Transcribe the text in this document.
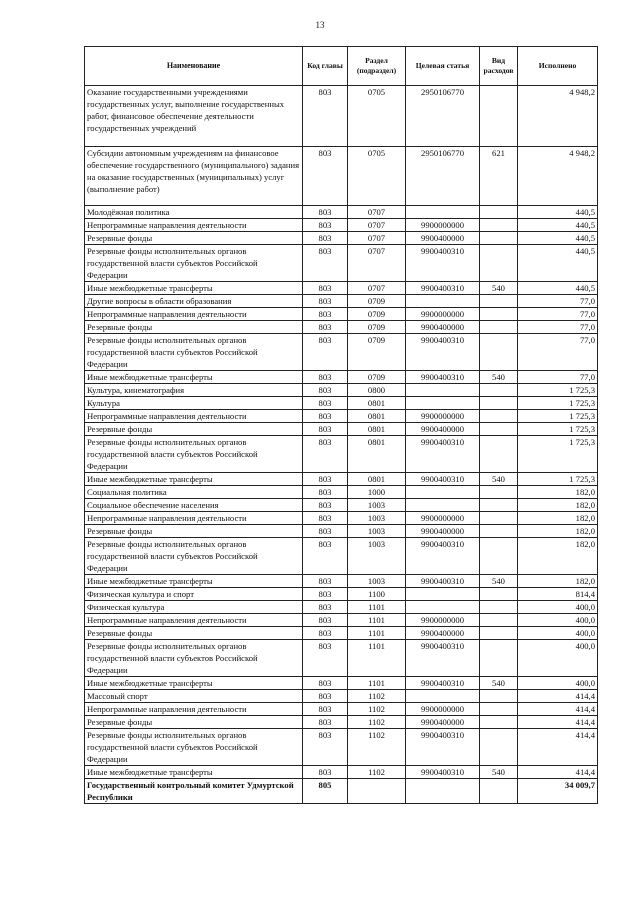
13
Наименование	Код главы	Раздел (подраздел)	Целевая статья	Вид расходов	Исполнено
Оказание государственными учреждениями государственных услуг, выполнение государственных работ, финансовое обеспечение деятельности государственных учреждений	803	0705	2950106770		4 948,2
Субсидии автономным учреждениям на финансовое обеспечение государственного (муниципального) задания на оказание государственных (муниципальных) услуг (выполнение работ)	803	0705	2950106770	621	4 948,2
Молодёжная политика	803	0707			440,5
Непрограммные направления деятельности	803	0707	9900000000		440,5
Резервные фонды	803	0707	9900400000		440,5
Резервные фонды исполнительных органов государственной власти субъектов Российской Федерации	803	0707	9900400310		440,5
Иные межбюджетные трансферты	803	0707	9900400310	540	440,5
Другие вопросы в области образования	803	0709			77,0
Непрограммные направления деятельности	803	0709	9900000000		77,0
Резервные фонды	803	0709	9900400000		77,0
Резервные фонды исполнительных органов государственной власти субъектов Российской Федерации	803	0709	9900400310		77,0
Иные межбюджетные трансферты	803	0709	9900400310	540	77,0
Культура, кинематография	803	0800			1 725,3
Культура	803	0801			1 725,3
Непрограммные направления деятельности	803	0801	9900000000		1 725,3
Резервные фонды	803	0801	9900400000		1 725,3
Резервные фонды исполнительных органов государственной власти субъектов Российской Федерации	803	0801	9900400310		1 725,3
Иные межбюджетные трансферты	803	0801	9900400310	540	1 725,3
Социальная политика	803	1000			182,0
Социальное обеспечение населения	803	1003			182,0
Непрограммные направления деятельности	803	1003	9900000000		182,0
Резервные фонды	803	1003	9900400000		182,0
Резервные фонды исполнительных органов государственной власти субъектов Российской Федерации	803	1003	9900400310		182,0
Иные межбюджетные трансферты	803	1003	9900400310	540	182,0
Физическая культура и спорт	803	1100			814,4
Физическая культура	803	1101			400,0
Непрограммные направления деятельности	803	1101	9900000000		400,0
Резервные фонды	803	1101	9900400000		400,0
Резервные фонды исполнительных органов государственной власти субъектов Российской Федерации	803	1101	9900400310		400,0
Иные межбюджетные трансферты	803	1101	9900400310	540	400,0
Массовый спорт	803	1102			414,4
Непрограммные направления деятельности	803	1102	9900000000		414,4
Резервные фонды	803	1102	9900400000		414,4
Резервные фонды исполнительных органов государственной власти субъектов Российской Федерации	803	1102	9900400310		414,4
Иные межбюджетные трансферты	803	1102	9900400310	540	414,4
Государственный контрольный комитет Удмуртской Республики	805				34 009,7
